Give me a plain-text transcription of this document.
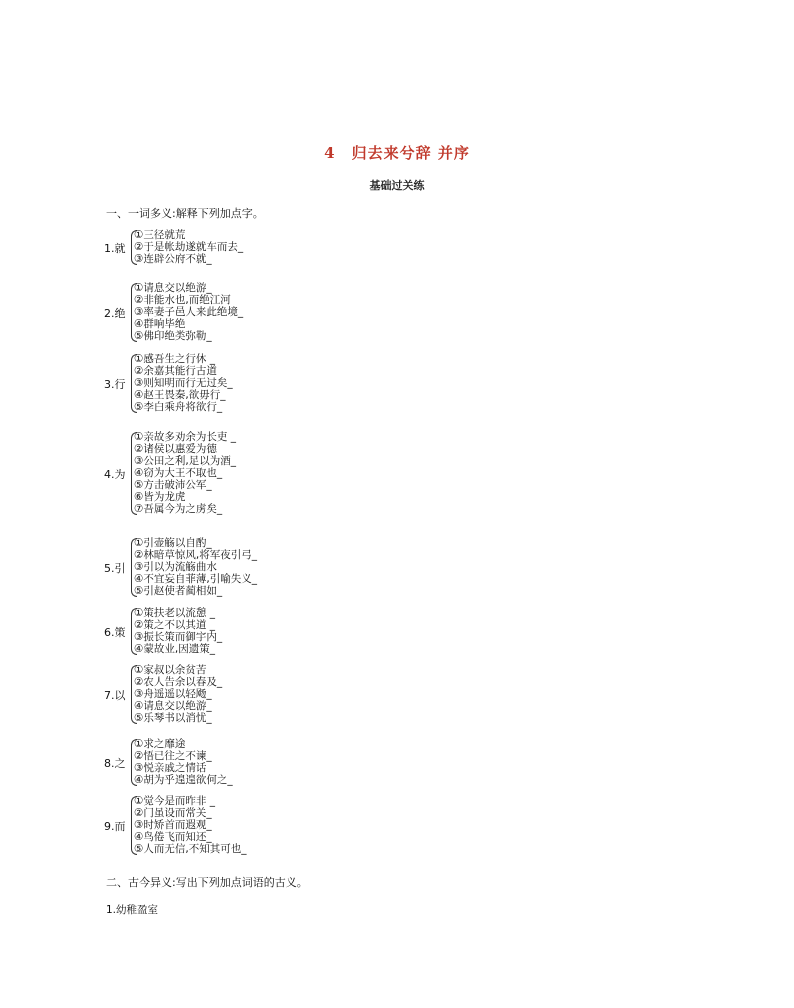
4　归去来兮辞 并序
基础过关练
一、一词多义:解释下列加点字。
1.就
①三径就荒
②于是帐劫遂就车而去_
③连辟公府不就_
2.绝
①请息交以绝游_
②非能水也,而绝江河
③率妻子邑人来此绝境_
④群响毕绝
⑤佛印绝类弥勒_
3.行
①感吾生之行休 _
②余嘉其能行古道
③则知明而行无过矣_
④赵王畏秦,欲毋行_
⑤李白乘舟将欲行_
4.为
①亲故多劝余为长吏 _
②诸侯以惠爱为德
③公田之利,足以为酒_
④窃为大王不取也_
⑤方击破沛公军_
⑥皆为龙虎
⑦吾属今为之虏矣_
5.引
①引壶觞以自酌_
②林暗草惊风,将军夜引弓_
③引以为流觞曲水
④不宜妄自菲薄,引喻失义_
⑤引赵使者蔺相如_
6.策
①策扶老以流憩 _
②策之不以其道 _
③振长策而御宇内_
④蒙故业,因遗策_
7.以
①家叔以余贫苦
②农人告余以春及_
③舟遥遥以轻飏_
④请息交以绝游_
⑤乐琴书以消忧_
8.之
①求之靡途
②悟已往之不谏_
③悦亲戚之情话
④胡为乎遑遑欲何之_
9.而
①觉今是而昨非 _
②门虽设而常关_
③时矫首而遐观_
④鸟倦飞而知还_
⑤人而无信,不知其可也_
二、古今异义:写出下列加点词语的古义。
1.幼稚盈室
